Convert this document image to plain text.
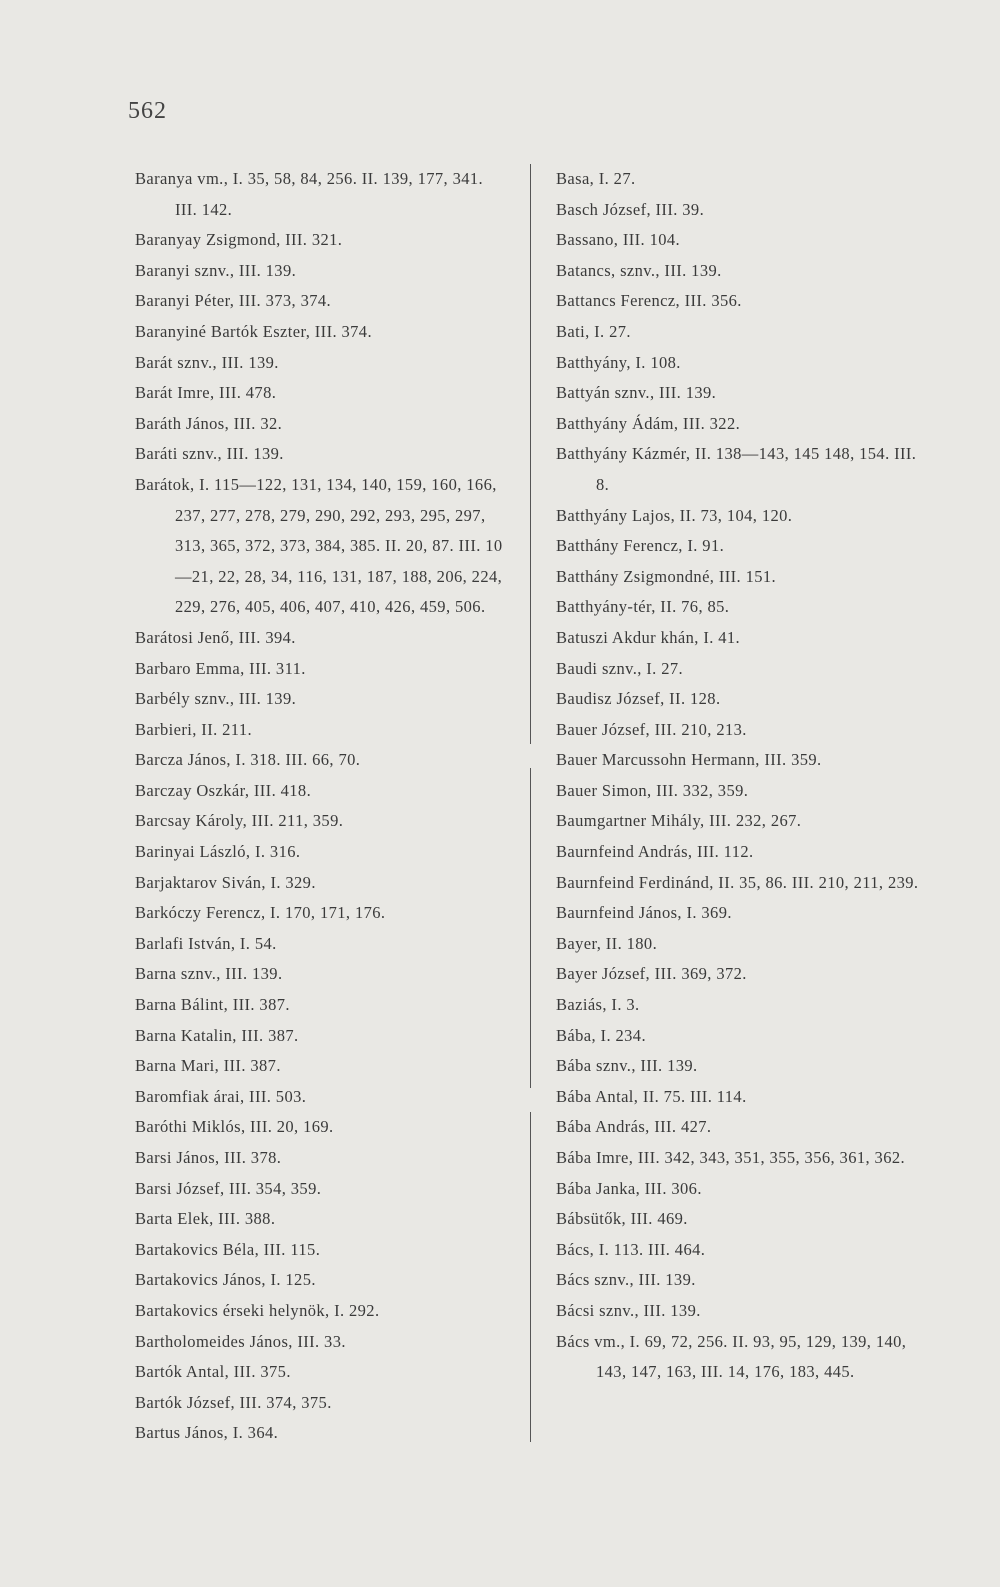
562
Baranya vm., I. 35, 58, 84, 256. II. 139, 177, 341. III. 142.
Baranyay Zsigmond, III. 321.
Baranyi sznv., III. 139.
Baranyi Péter, III. 373, 374.
Baranyiné Bartók Eszter, III. 374.
Barát sznv., III. 139.
Barát Imre, III. 478.
Baráth János, III. 32.
Baráti sznv., III. 139.
Barátok, I. 115—122, 131, 134, 140, 159, 160, 166, 237, 277, 278, 279, 290, 292, 293, 295, 297, 313, 365, 372, 373, 384, 385. II. 20, 87. III. 10—21, 22, 28, 34, 116, 131, 187, 188, 206, 224, 229, 276, 405, 406, 407, 410, 426, 459, 506.
Barátosi Jenő, III. 394.
Barbaro Emma, III. 311.
Barbély sznv., III. 139.
Barbieri, II. 211.
Barcza János, I. 318. III. 66, 70.
Barczay Oszkár, III. 418.
Barcsay Károly, III. 211, 359.
Barinyai László, I. 316.
Barjaktarov Siván, I. 329.
Barkóczy Ferencz, I. 170, 171, 176.
Barlafi István, I. 54.
Barna sznv., III. 139.
Barna Bálint, III. 387.
Barna Katalin, III. 387.
Barna Mari, III. 387.
Baromfiak árai, III. 503.
Baróthi Miklós, III. 20, 169.
Barsi János, III. 378.
Barsi József, III. 354, 359.
Barta Elek, III. 388.
Bartakovics Béla, III. 115.
Bartakovics János, I. 125.
Bartakovics érseki helynök, I. 292.
Bartholomeides János, III. 33.
Bartók Antal, III. 375.
Bartók József, III. 374, 375.
Bartus János, I. 364.
Basa, I. 27.
Basch József, III. 39.
Bassano, III. 104.
Batancs, sznv., III. 139.
Battancs Ferencz, III. 356.
Bati, I. 27.
Batthyány, I. 108.
Battyán sznv., III. 139.
Batthyány Ádám, III. 322.
Batthyány Kázmér, II. 138—143, 145 148, 154. III. 8.
Batthyány Lajos, II. 73, 104, 120.
Batthány Ferencz, I. 91.
Batthány Zsigmondné, III. 151.
Batthyány-tér, II. 76, 85.
Batuszi Akdur khán, I. 41.
Baudi sznv., I. 27.
Baudisz József, II. 128.
Bauer József, III. 210, 213.
Bauer Marcussohn Hermann, III. 359.
Bauer Simon, III. 332, 359.
Baumgartner Mihály, III. 232, 267.
Baurnfeind András, III. 112.
Baurnfeind Ferdinánd, II. 35, 86. III. 210, 211, 239.
Baurnfeind János, I. 369.
Bayer, II. 180.
Bayer József, III. 369, 372.
Baziás, I. 3.
Bába, I. 234.
Bába sznv., III. 139.
Bába Antal, II. 75. III. 114.
Bába András, III. 427.
Bába Imre, III. 342, 343, 351, 355, 356, 361, 362.
Bába Janka, III. 306.
Bábsütők, III. 469.
Bács, I. 113. III. 464.
Bács sznv., III. 139.
Bácsi sznv., III. 139.
Bács vm., I. 69, 72, 256. II. 93, 95, 129, 139, 140, 143, 147, 163, III. 14, 176, 183, 445.
